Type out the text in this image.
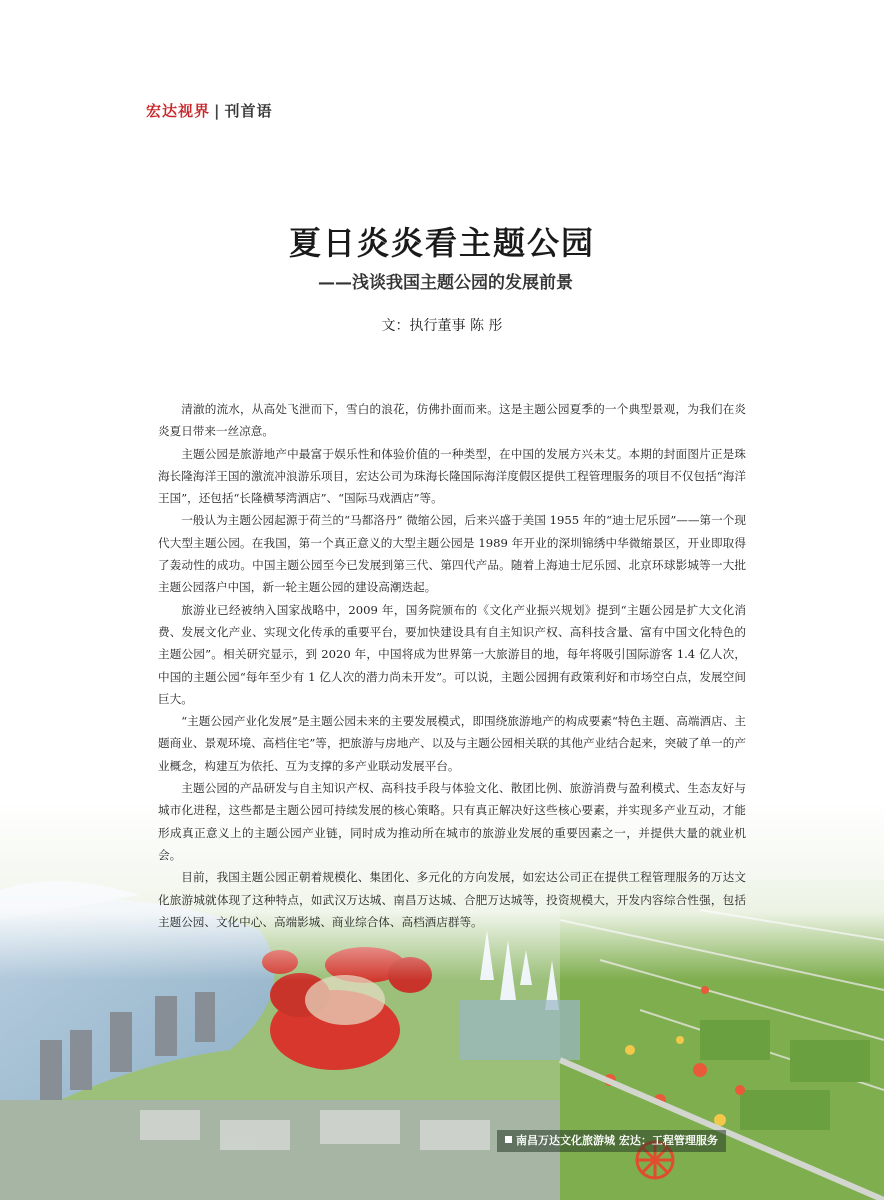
宏达视界 | 刊首语
夏日炎炎看主题公园
——浅谈我国主题公园的发展前景
文：执行董事 陈 彤

清澈的流水，从高处飞泄而下，雪白的浪花，仿佛扑面而来。这是主题公园夏季的一个典型景观，为我们在炎炎夏日带来一丝凉意。

主题公园是旅游地产中最富于娱乐性和体验价值的一种类型，在中国的发展方兴未艾。本期的封面图片正是珠海长隆海洋王国的激流冲浪游乐项目，宏达公司为珠海长隆国际海洋度假区提供工程管理服务的项目不仅包括“海洋王国”，还包括“长隆横琴湾酒店”、“国际马戏酒店”等。

一般认为主题公园起源于荷兰的“马都洛丹” 微缩公园，后来兴盛于美国 1955 年的“迪士尼乐园”——第一个现代大型主题公园。在我国，第一个真正意义的大型主题公园是 1989 年开业的深圳锦绣中华微缩景区，开业即取得了轰动性的成功。中国主题公园至今已发展到第三代、第四代产品。随着上海迪士尼乐园、北京环球影城等一大批主题公园落户中国，新一轮主题公园的建设高潮迭起。

旅游业已经被纳入国家战略中，2009 年，国务院颁布的《文化产业振兴规划》提到“主题公园是扩大文化消费、发展文化产业、实现文化传承的重要平台，要加快建设具有自主知识产权、高科技含量、富有中国文化特色的主题公园”。相关研究显示，到 2020 年，中国将成为世界第一大旅游目的地，每年将吸引国际游客 1.4 亿人次，中国的主题公园“每年至少有 1 亿人次的潜力尚未开发”。可以说，主题公园拥有政策利好和市场空白点，发展空间巨大。

“主题公园产业化发展”是主题公园未来的主要发展模式，即围绕旅游地产的构成要素“特色主题、高端酒店、主题商业、景观环境、高档住宅”等，把旅游与房地产、以及与主题公园相关联的其他产业结合起来，突破了单一的产业概念，构建互为依托、互为支撑的多产业联动发展平台。

主题公园的产品研发与自主知识产权、高科技手段与体验文化、散团比例、旅游消费与盈利模式、生态友好与城市化进程，这些都是主题公园可持续发展的核心策略。只有真正解决好这些核心要素，并实现多产业互动，才能形成真正意义上的主题公园产业链，同时成为推动所在城市的旅游业发展的重要因素之一，并提供大量的就业机会。

目前，我国主题公园正朝着规模化、集团化、多元化的方向发展，如宏达公司正在提供工程管理服务的万达文化旅游城就体现了这种特点，如武汉万达城、南昌万达城、合肥万达城等，投资规模大，开发内容综合性强，包括主题公园、文化中心、高端影城、商业综合体、高档酒店群等。

南昌万达文化旅游城 宏达：工程管理服务
